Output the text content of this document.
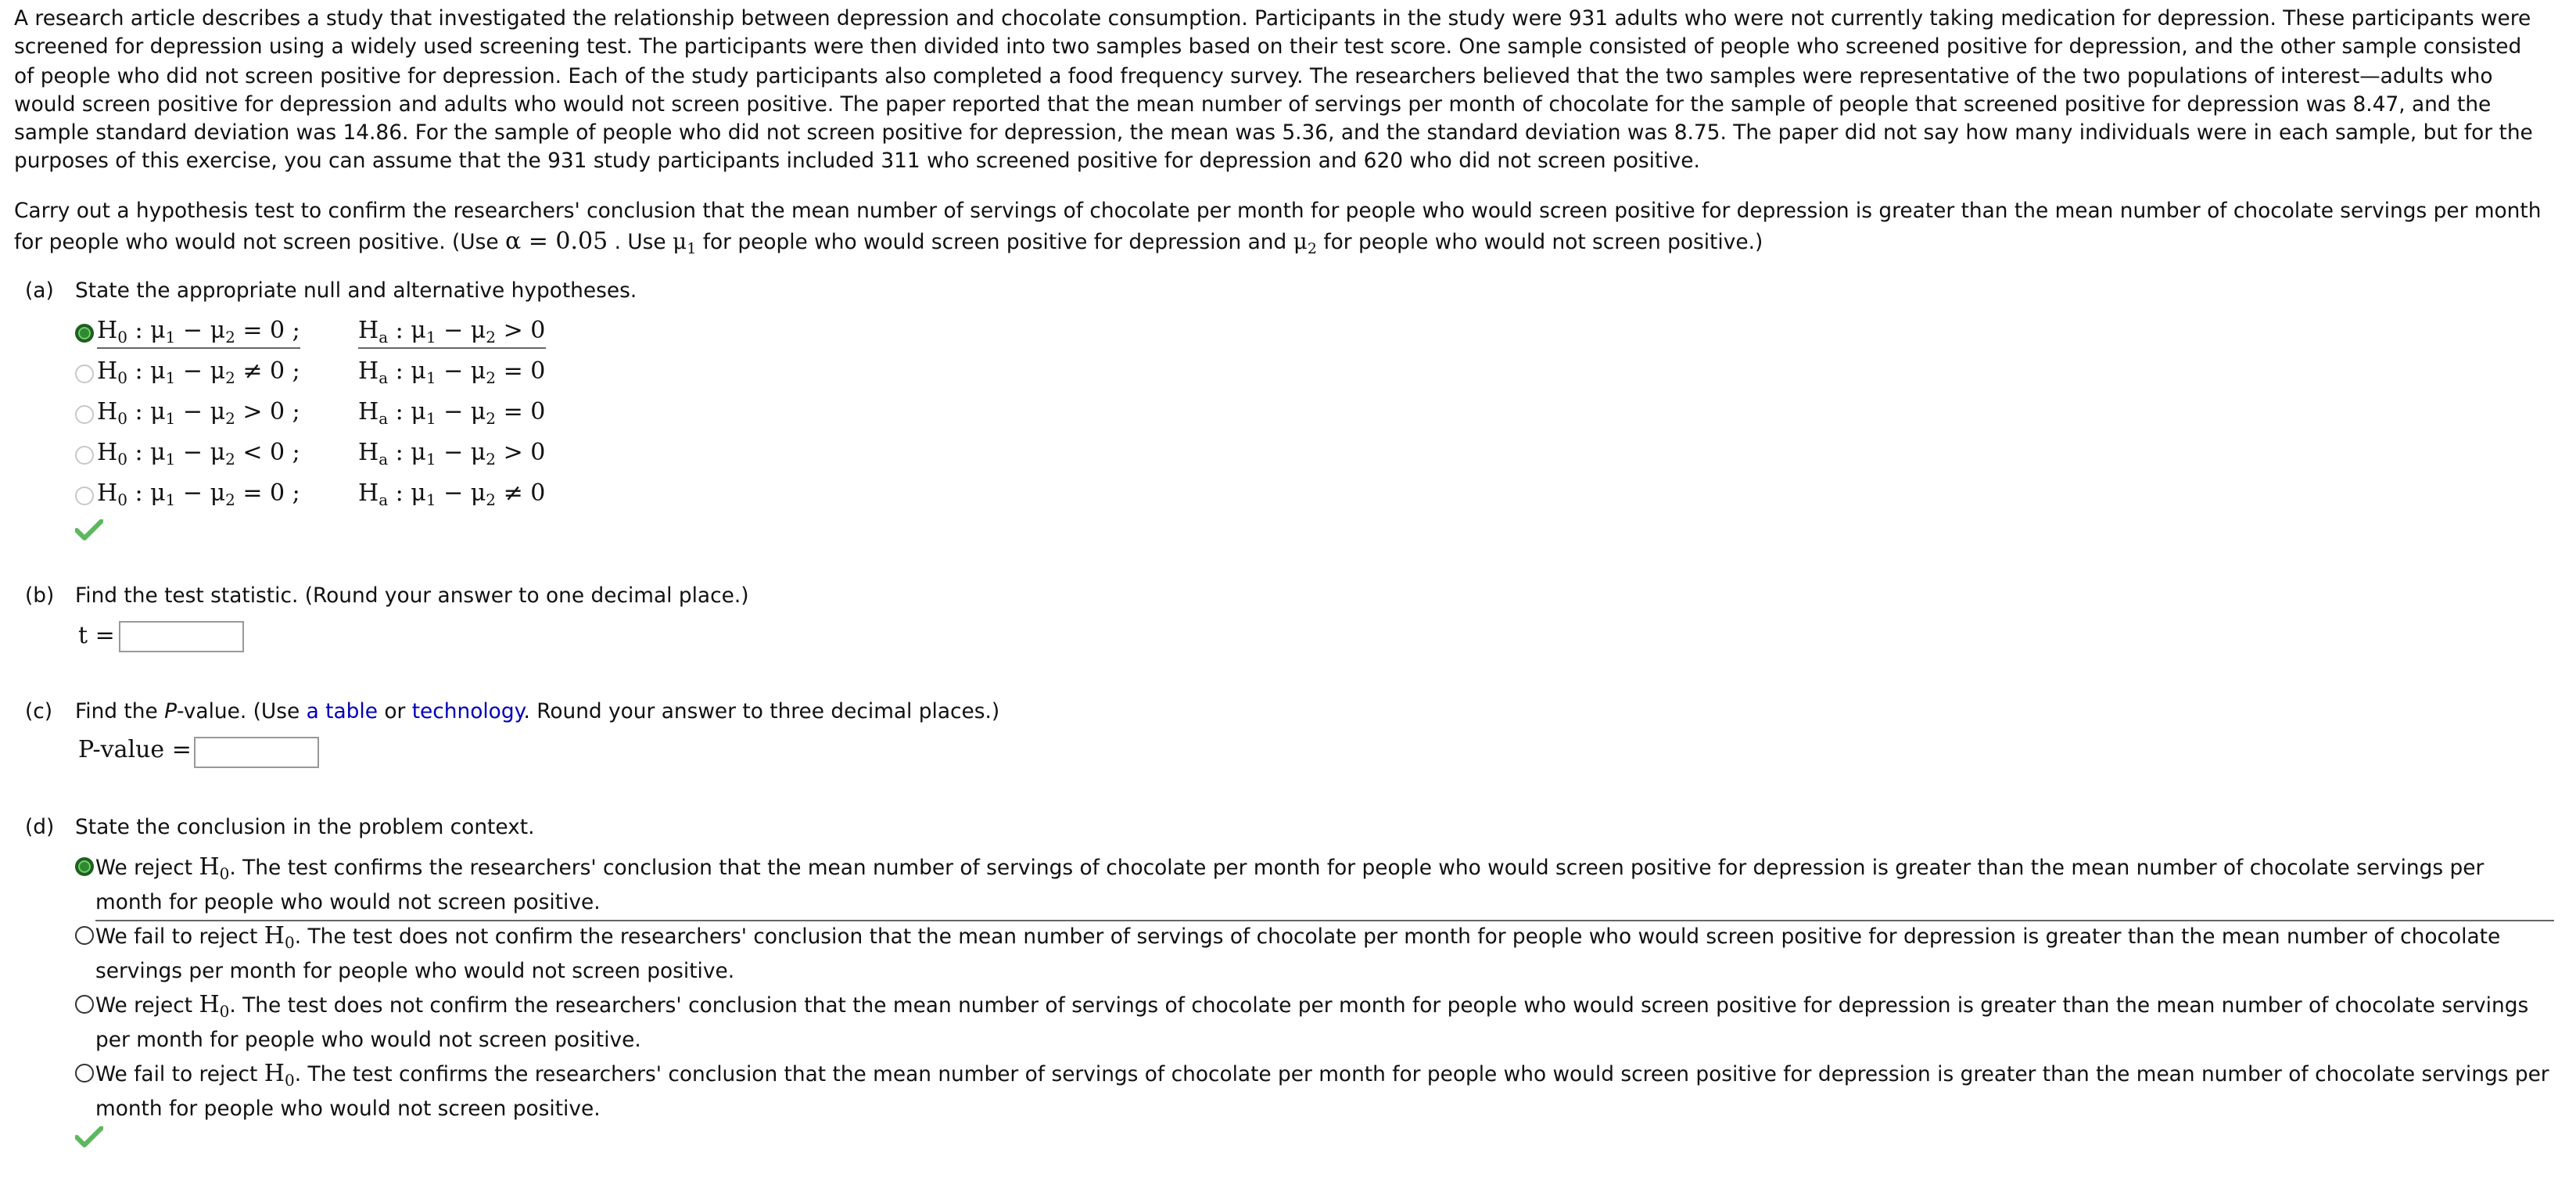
A research article describes a study that investigated the relationship between depression and chocolate consumption. Participants in the study were 931 adults who were not currently taking medication for depression. These participants were screened for depression using a widely used screening test. The participants were then divided into two samples based on their test score. One sample consisted of people who screened positive for depression, and the other sample consisted of people who did not screen positive for depression. Each of the study participants also completed a food frequency survey. The researchers believed that the two samples were representative of the two populations of interest—adults who would screen positive for depression and adults who would not screen positive. The paper reported that the mean number of servings per month of chocolate for the sample of people that screened positive for depression was 8.47, and the sample standard deviation was 14.86. For the sample of people who did not screen positive for depression, the mean was 5.36, and the standard deviation was 8.75. The paper did not say how many individuals were in each sample, but for the purposes of this exercise, you can assume that the 931 study participants included 311 who screened positive for depression and 620 who did not screen positive.
Carry out a hypothesis test to confirm the researchers' conclusion that the mean number of servings of chocolate per month for people who would screen positive for depression is greater than the mean number of chocolate servings per month for people who would not screen positive. (Use α = 0.05 . Use $\mu_1$ for people who would screen positive for depression and $\mu_2$ for people who would not screen positive.)
(a) State the appropriate null and alternative hypotheses.
$H_0$ : $\mu_1 - \mu_2 = 0$ ;	$H_a$ : $\mu_1 - \mu_2 > 0$
$H_0$ : $\mu_1 - \mu_2 \ne 0$ ;	$H_a$ : $\mu_1 - \mu_2 = 0$
$H_0$ : $\mu_1 - \mu_2 > 0$ ;	$H_a$ : $\mu_1 - \mu_2 = 0$
$H_0$ : $\mu_1 - \mu_2 < 0$ ;	$H_a$ : $\mu_1 - \mu_2 > 0$
$H_0$ : $\mu_1 - \mu_2 = 0$ ;	$H_a$ : $\mu_1 - \mu_2 \ne 0$
(b) Find the test statistic. (Round your answer to one decimal place.)
t =
(c) Find the P-value. (Use a table or technology. Round your answer to three decimal places.)
P-value =
(d) State the conclusion in the problem context.
We reject $H_0$. The test confirms the researchers' conclusion that the mean number of servings of chocolate per month for people who would screen positive for depression is greater than the mean number of chocolate servings per month for people who would not screen positive.
We fail to reject $H_0$. The test does not confirm the researchers' conclusion that the mean number of servings of chocolate per month for people who would screen positive for depression is greater than the mean number of chocolate servings per month for people who would not screen positive.
We reject $H_0$. The test does not confirm the researchers' conclusion that the mean number of servings of chocolate per month for people who would screen positive for depression is greater than the mean number of chocolate servings per month for people who would not screen positive.
We fail to reject $H_0$. The test confirms the researchers' conclusion that the mean number of servings of chocolate per month for people who would screen positive for depression is greater than the mean number of chocolate servings per month for people who would not screen positive.
